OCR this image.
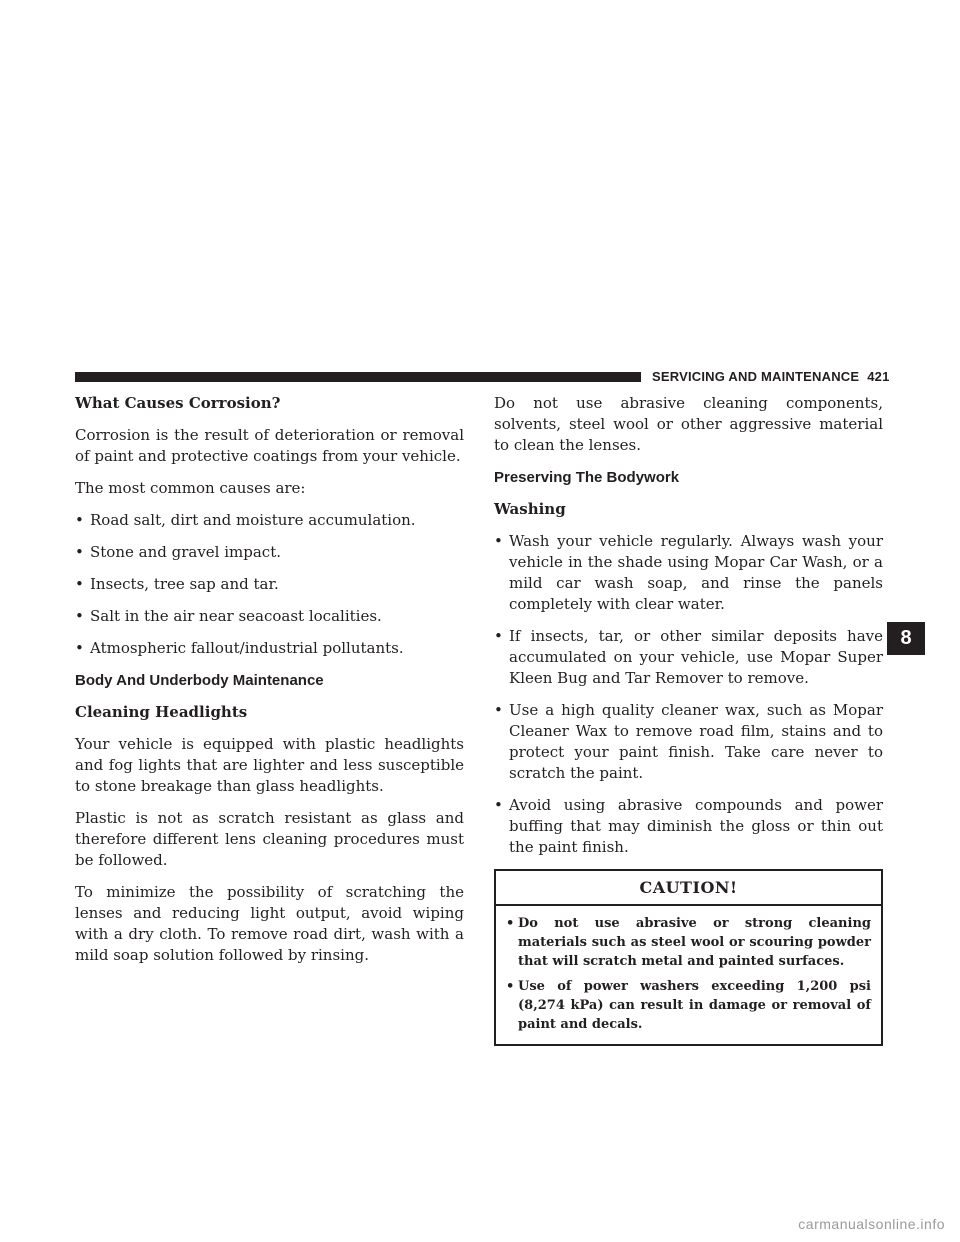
SERVICING AND MAINTENANCE 421
What Causes Corrosion?

Corrosion is the result of deterioration or removal of paint and protective coatings from your vehicle.

The most common causes are:

• Road salt, dirt and moisture accumulation.
• Stone and gravel impact.
• Insects, tree sap and tar.
• Salt in the air near seacoast localities.
• Atmospheric fallout/industrial pollutants.
Body And Underbody Maintenance
Cleaning Headlights

Your vehicle is equipped with plastic headlights and fog lights that are lighter and less susceptible to stone breakage than glass headlights.

Plastic is not as scratch resistant as glass and therefore different lens cleaning procedures must be followed.

To minimize the possibility of scratching the lenses and reducing light output, avoid wiping with a dry cloth. To remove road dirt, wash with a mild soap solution followed by rinsing.

Do not use abrasive cleaning components, solvents, steel wool or other aggressive material to clean the lenses.

Preserving The Bodywork
Washing
• Wash your vehicle regularly. Always wash your vehicle in the shade using Mopar Car Wash, or a mild car wash soap, and rinse the panels completely with clear water.
• If insects, tar, or other similar deposits have accumulated on your vehicle, use Mopar Super Kleen Bug and Tar Remover to remove.
• Use a high quality cleaner wax, such as Mopar Cleaner Wax to remove road film, stains and to protect your paint finish. Take care never to scratch the paint.
• Avoid using abrasive compounds and power buffing that may diminish the gloss or thin out the paint finish.
CAUTION!
• Do not use abrasive or strong cleaning materials such as steel wool or scouring powder that will scratch metal and painted surfaces.
• Use of power washers exceeding 1,200 psi (8,274 kPa) can result in damage or removal of paint and decals.
8
carmanualsonline.info
